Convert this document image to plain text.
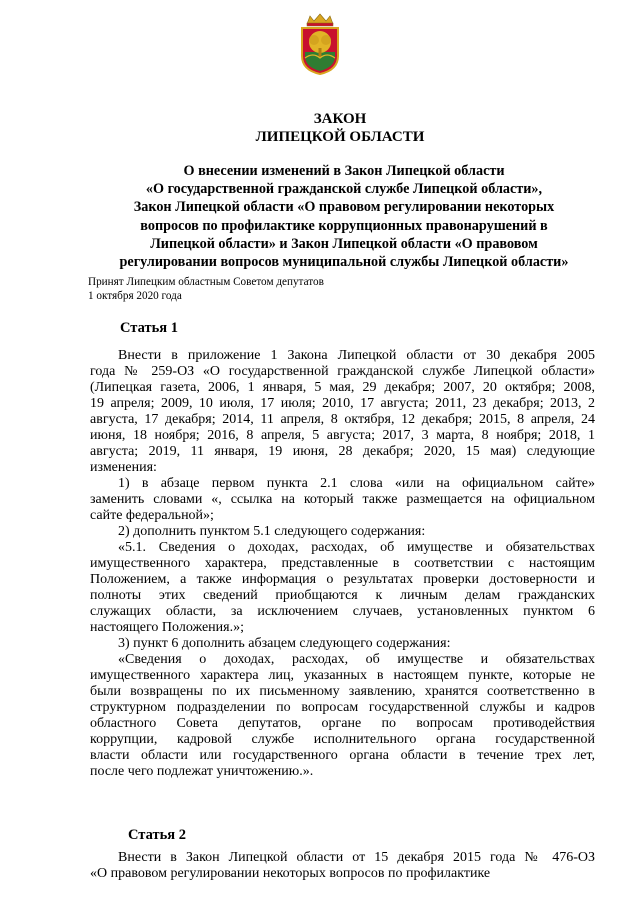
ЗАКОН
ЛИПЕЦКОЙ ОБЛАСТИ
О внесении изменений в Закон Липецкой области
«О государственной гражданской службе Липецкой области»,
Закон Липецкой области «О правовом регулировании некоторых
вопросов по профилактике коррупционных правонарушений в
Липецкой области» и Закон Липецкой области «О правовом
регулировании вопросов муниципальной службы Липецкой области»
Принят Липецким областным Советом депутатов
1 октября 2020 года
Статья 1
Внести в приложение 1 Закона Липецкой области от 30 декабря 2005
года № 259-ОЗ «О государственной гражданской службе Липецкой области»
(Липецкая газета, 2006, 1 января, 5 мая, 29 декабря; 2007, 20 октября; 2008,
19 апреля; 2009, 10 июля, 17 июля; 2010, 17 августа; 2011, 23 декабря; 2013, 2
августа, 17 декабря; 2014, 11 апреля, 8 октября, 12 декабря; 2015, 8 апреля, 24
июня, 18 ноября; 2016, 8 апреля, 5 августа; 2017, 3 марта, 8 ноября; 2018, 1
августа; 2019, 11 января, 19 июня, 28 декабря; 2020, 15 мая) следующие
изменения:
1) в абзаце первом пункта 2.1 слова «или на официальном сайте»
заменить словами «, ссылка на который также размещается на официальном
сайте федеральной»;
2) дополнить пунктом 5.1 следующего содержания:
«5.1. Сведения о доходах, расходах, об имуществе и обязательствах
имущественного характера, представленные в соответствии с настоящим
Положением, а также информация о результатах проверки достоверности и
полноты этих сведений приобщаются к личным делам гражданских
служащих области, за исключением случаев, установленных пунктом 6
настоящего Положения.»;
3) пункт 6 дополнить абзацем следующего содержания:
«Сведения о доходах, расходах, об имуществе и обязательствах
имущественного характера лиц, указанных в настоящем пункте, которые не
были возвращены по их письменному заявлению, хранятся соответственно в
структурном подразделении по вопросам государственной службы и кадров
областного Совета депутатов, органе по вопросам противодействия
коррупции, кадровой службе исполнительного органа государственной
власти области или государственного органа области в течение трех лет,
после чего подлежат уничтожению.».
Статья 2
Внести в Закон Липецкой области от 15 декабря 2015 года № 476-ОЗ
«О правовом регулировании некоторых вопросов по профилактике
